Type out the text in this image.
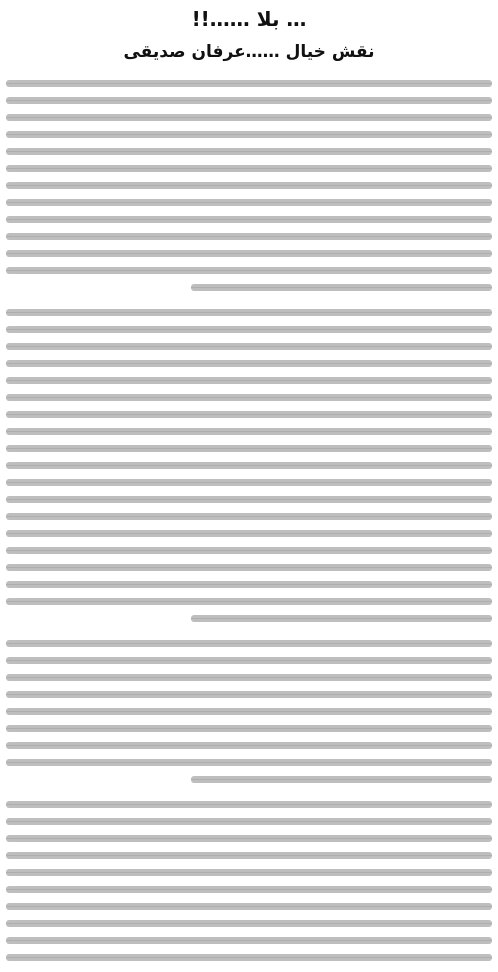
… بلا ……!!
نقش خیال ……عرفان صدیقی
